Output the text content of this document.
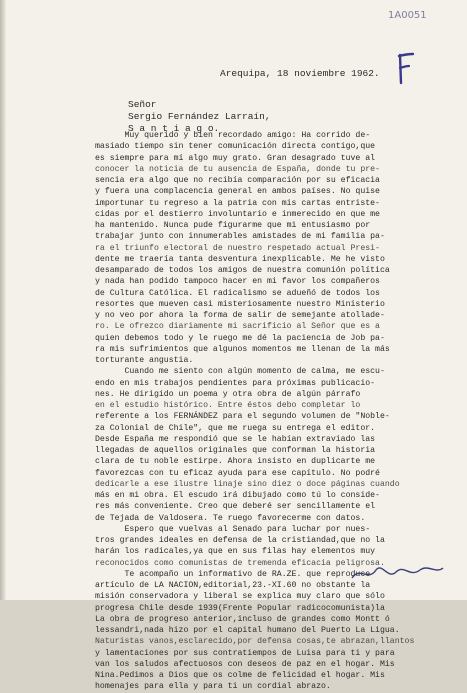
1A0051
Arequipa, 18 noviembre 1962.
Señor
Sergio Fernández Larraín,
S a n t i a g o.
Muy querido y bien recordado amigo: Ha corrido de-
masiado tiempo sin tener comunicación directa contigo,que
es siempre para mí algo muy grato. Gran desagrado tuve al
conocer la noticia de tu ausencia de España, donde tu pre-
sencia era algo que no recibía comparación por su eficacia
y fuera una complacencia general en ambos países. No quise
importunar tu regreso a la patria con mis cartas entriste-
cidas por el destierro involuntario e inmerecido en que me
ha mantenido. Nunca pude figurarme que mi entusiasmo por
trabajar junto con innumerables amistades de mi familia pa-
ra el triunfo electoral de nuestro respetado actual Presi-
dente me traería tanta desventura inexplicable. Me he visto
desamparado de todos los amigos de nuestra comunión política
y nada han podido tampoco hacer en mi favor los compañeros
de Cultura Católica. El radicalismo se adueñó de todos los
resortes que mueven casi misteriosamente nuestro Ministerio
y no veo por ahora la forma de salir de semejante atollade-
ro. Le ofrezco diariamente mi sacrificio al Señor que es a
quien debemos todo y le ruego me dé la paciencia de Job pa-
ra mis sufrimientos que algunos momentos me llenan de la más
torturante angustia.
Cuando me siento con algún momento de calma, me escu-
endo en mis trabajos pendientes para próximas publicacio-
nes. He dirigido un poema y otra obra de algún párrafo
en el estudio histórico. Entre éstos debo completar lo
referente a los FERNÁNDEZ para el segundo volumen de "Noble-
za Colonial de Chile", que me ruega su entrega el editor.
Desde España me respondió que se le habían extraviado las
llegadas de aquellos originales que conforman la historia
clara de tu noble estirpe. Ahora insisto en duplicarte me
favorezcas con tu eficaz ayuda para ese capítulo. No podré
dedicarle a ese ilustre linaje sino diez o doce páginas cuando
más en mi obra. El escudo irá dibujado como tú lo conside-
res más conveniente. Creo que deberé ser sencillamente el
de Tejada de Valdosera. Te ruego favorecerme con datos.
Espero que vuelvas al Senado para luchar por nues-
tros grandes ideales en defensa de la cristiandad,que no la
harán los radicales,ya que en sus filas hay elementos muy
reconocidos como comunistas de tremenda eficacia peligrosa.
Te acompaño un informativo de RA.ZE. que reproduce
artículo de LA NACION,editorial,23.-XI.60 no obstante la
misión conservadora y liberal se explica muy claro que sólo
progresa Chile desde 1939(Frente Popular radicocomunista)la
La obra de progreso anterior,incluso de grandes como Montt ó
lessandri,nada hizo por el capital humano del Puerto La Ligua.
Naturistas vanos,esclarecido,por defensa cosas,te abrazan,llantos
y lamentaciones por sus contratiempos de Luisa para ti y para
van los saludos afectuosos con deseos de paz en el hogar. Mis
Nina.Pedimos a Dios que os colme de felicidad el hogar. Mis
homenajes para ella y para ti un cordial abrazo.
